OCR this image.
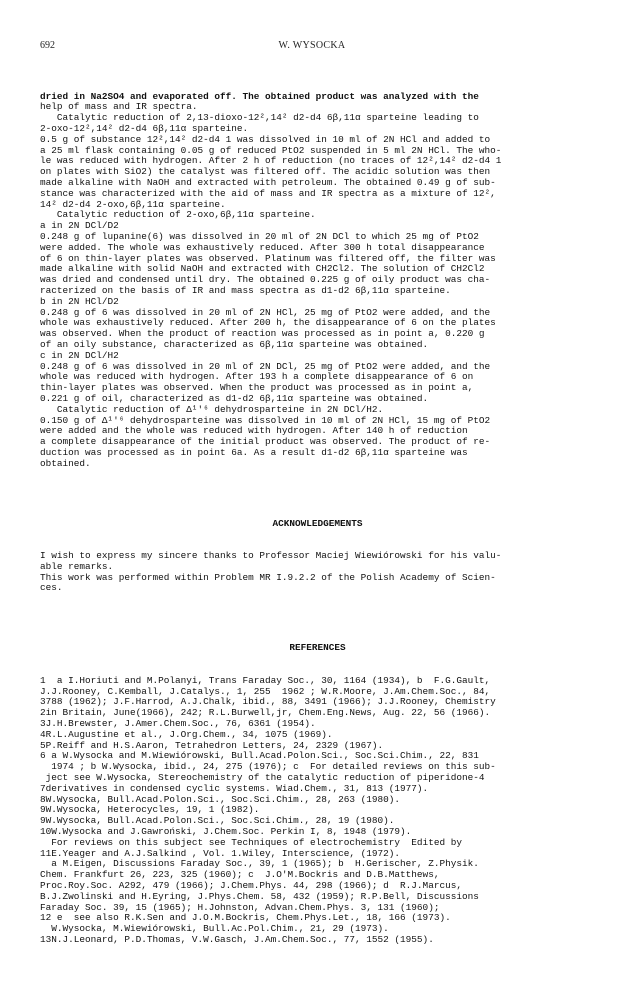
692	W. WYSOCKA

dried in Na2SO4 and evaporated off. The obtained product was analyzed with the
help of mass and IR spectra.
Catalytic reduction of 2,13-dioxo-12²,14² d2-d4 6β,11α sparteine leading to
2-oxo-12²,14² d2-d4 6β,11α sparteine.
0.5 g of substance 12²,14² d2-d4 1 was dissolved in 10 ml of 2N HCl and added to
a 25 ml flask containing 0.05 g of reduced PtO2 suspended in 5 ml 2N HCl. The who-
le was reduced with hydrogen. After 2 h of reduction (no traces of 12²,14² d2-d4 1
on plates with SiO2) the catalyst was filtered off. The acidic solution was then
made alkaline with NaOH and extracted with petroleum. The obtained 0.49 g of sub-
stance was characterized with the aid of mass and IR spectra as a mixture of 12²,
14² d2-d4 2-oxo,6β,11α sparteine.
Catalytic reduction of 2-oxo,6β,11α sparteine.
a in 2N DCl/D2
0.248 g of lupanine(6) was dissolved in 20 ml of 2N DCl to which 25 mg of PtO2
were added. The whole was exhaustively reduced. After 300 h total disappearance
of 6 on thin-layer plates was observed. Platinum was filtered off, the filter was
made alkaline with solid NaOH and extracted with CH2Cl2. The solution of CH2Cl2
was dried and condensed until dry. The obtained 0.225 g of oily product was cha-
racterized on the basis of IR and mass spectra as d1-d2 6β,11α sparteine.
b in 2N HCl/D2
0.248 g of 6 was dissolved in 20 ml of 2N HCl, 25 mg of PtO2 were added, and the
whole was exhaustively reduced. After 200 h, the disappearance of 6 on the plates
was observed. When the product of reaction was processed as in point a, 0.220 g
of an oily substance, characterized as 6β,11α sparteine was obtained.
c in 2N DCl/H2
0.248 g of 6 was dissolved in 20 ml of 2N DCl, 25 mg of PtO2 were added, and the
whole was reduced with hydrogen. After 193 h a complete disappearance of 6 on
thin-layer plates was observed. When the product was processed as in point a,
0.221 g of oil, characterized as d1-d2 6β,11α sparteine was obtained.
Catalytic reduction of Δ¹'⁶ dehydrosparteine in 2N DCl/H2.
0.150 g of Δ¹'⁶ dehydrosparteine was dissolved in 10 ml of 2N HCl, 15 mg of PtO2
were added and the whole was reduced with hydrogen. After 140 h of reduction
a complete disappearance of the initial product was observed. The product of re-
duction was processed as in point 6a. As a result d1-d2 6β,11α sparteine was
obtained.

ACKNOWLEDGEMENTS

I wish to express my sincere thanks to Professor Maciej Wiewiórowski for his valu-
able remarks.
This work was performed within Problem MR I.9.2.2 of the Polish Academy of Scien-
ces.

REFERENCES

1  a I.Horiuti and M.Polanyi, Trans Faraday Soc., 30, 1164 (1934), b  F.G.Gault,
J.J.Rooney, C.Kemball, J.Catalys., 1, 255  1962 ; W.R.Moore, J.Am.Chem.Soc., 84,
3788 (1962); J.F.Harrod, A.J.Chalk, ibid., 88, 3491 (1966); J.J.Rooney, Chemistry
2in Britain, June(1966), 242; R.L.Burwell,jr, Chem.Eng.News, Aug. 22, 56 (1966).
3J.H.Brewster, J.Amer.Chem.Soc., 76, 6361 (1954).
4R.L.Augustine et al., J.Org.Chem., 34, 1075 (1969).
5P.Reiff and H.S.Aaron, Tetrahedron Letters, 24, 2329 (1967).
6 a W.Wysocka and M.Wiewiórowski, Bull.Acad.Polon.Sci., Soc.Sci.Chim., 22, 831
1974 ; b W.Wysocka, ibid., 24, 275 (1976); c  For detailed reviews on this sub-
ject see W.Wysocka, Stereochemistry of the catalytic reduction of piperidone-4
7derivatives in condensed cyclic systems. Wiad.Chem., 31, 813 (1977).
8W.Wysocka, Bull.Acad.Polon.Sci., Soc.Sci.Chim., 28, 263 (1980).
9W.Wysocka, Heterocycles, 19, 1 (1982).
9W.Wysocka, Bull.Acad.Polon.Sci., Soc.Sci.Chim., 28, 19 (1980).
10W.Wysocka and J.Gawroński, J.Chem.Soc. Perkin I, 8, 1948 (1979).
For reviews on this subject see Techniques of electrochemistry  Edited by
11E.Yeager and A.J.Salkind , Vol. 1.Wiley, Interscience, (1972).
a M.Eigen, Discussions Faraday Soc., 39, 1 (1965); b  H.Gerischer, Z.Physik.
Chem. Frankfurt 26, 223, 325 (1960); c  J.O'M.Bockris and D.B.Matthews,
Proc.Roy.Soc. A292, 479 (1966); J.Chem.Phys. 44, 298 (1966); d  R.J.Marcus,
B.J.Zwolinski and H.Eyring, J.Phys.Chem. 58, 432 (1959); R.P.Bell, Discussions
Faraday Soc. 39, 15 (1965); H.Johnston, Advan.Chem.Phys. 3, 131 (1960);
12 e  see also R.K.Sen and J.O.M.Bockris, Chem.Phys.Let., 18, 166 (1973).
W.Wysocka, M.Wiewiórowski, Bull.Ac.Pol.Chim., 21, 29 (1973).
13N.J.Leonard, P.D.Thomas, V.W.Gasch, J.Am.Chem.Soc., 77, 1552 (1955).
